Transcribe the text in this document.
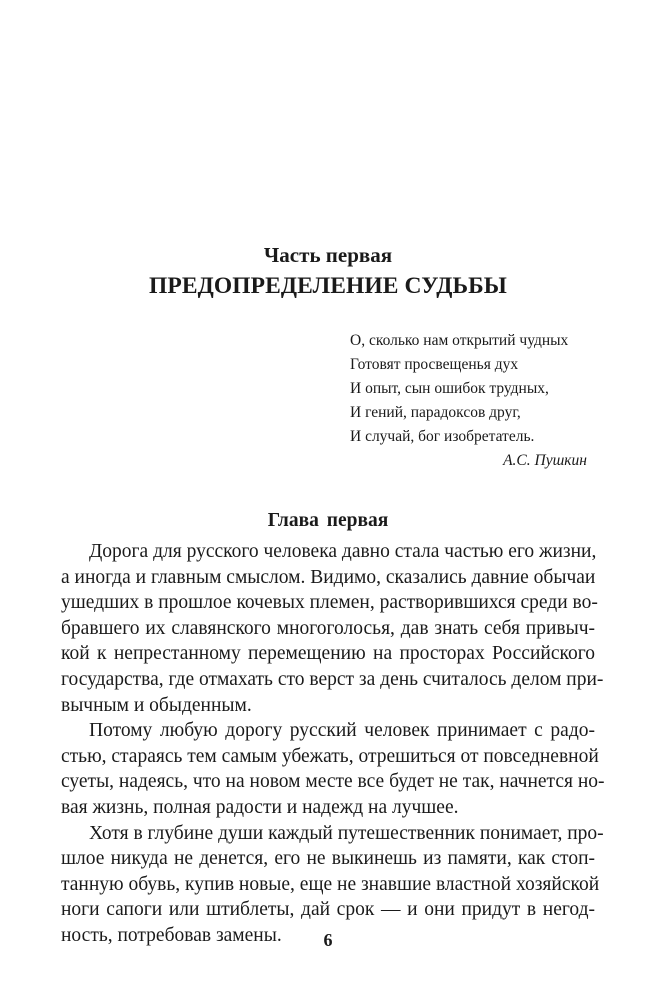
Часть первая
ПРЕДОПРЕДЕЛЕНИЕ СУДЬБЫ
О, сколько нам открытий чудных
Готовят просвещенья дух
И опыт, сын ошибок трудных,
И гений, парадоксов друг,
И случай, бог изобретатель.
А.С. Пушкин
Глава первая
Дорога для русского человека давно стала частью его жизни,
а иногда и главным смыслом. Видимо, сказались давние обычаи
ушедших в прошлое кочевых племен, растворившихся среди во-
бравшего их славянского многоголосья, дав знать себя привыч-
кой к непрестанному перемещению на просторах Российского
государства, где отмахать сто верст за день считалось делом при-
вычным и обыденным.
Потому любую дорогу русский человек принимает с радо-
стью, стараясь тем самым убежать, отрешиться от повседневной
суеты, надеясь, что на новом месте все будет не так, начнется но-
вая жизнь, полная радости и надежд на лучшее.
Хотя в глубине души каждый путешественник понимает, про-
шлое никуда не денется, его не выкинешь из памяти, как стоп-
танную обувь, купив новые, еще не знавшие властной хозяйской
ноги сапоги или штиблеты, дай срок — и они придут в негод-
ность, потребовав замены.	6
